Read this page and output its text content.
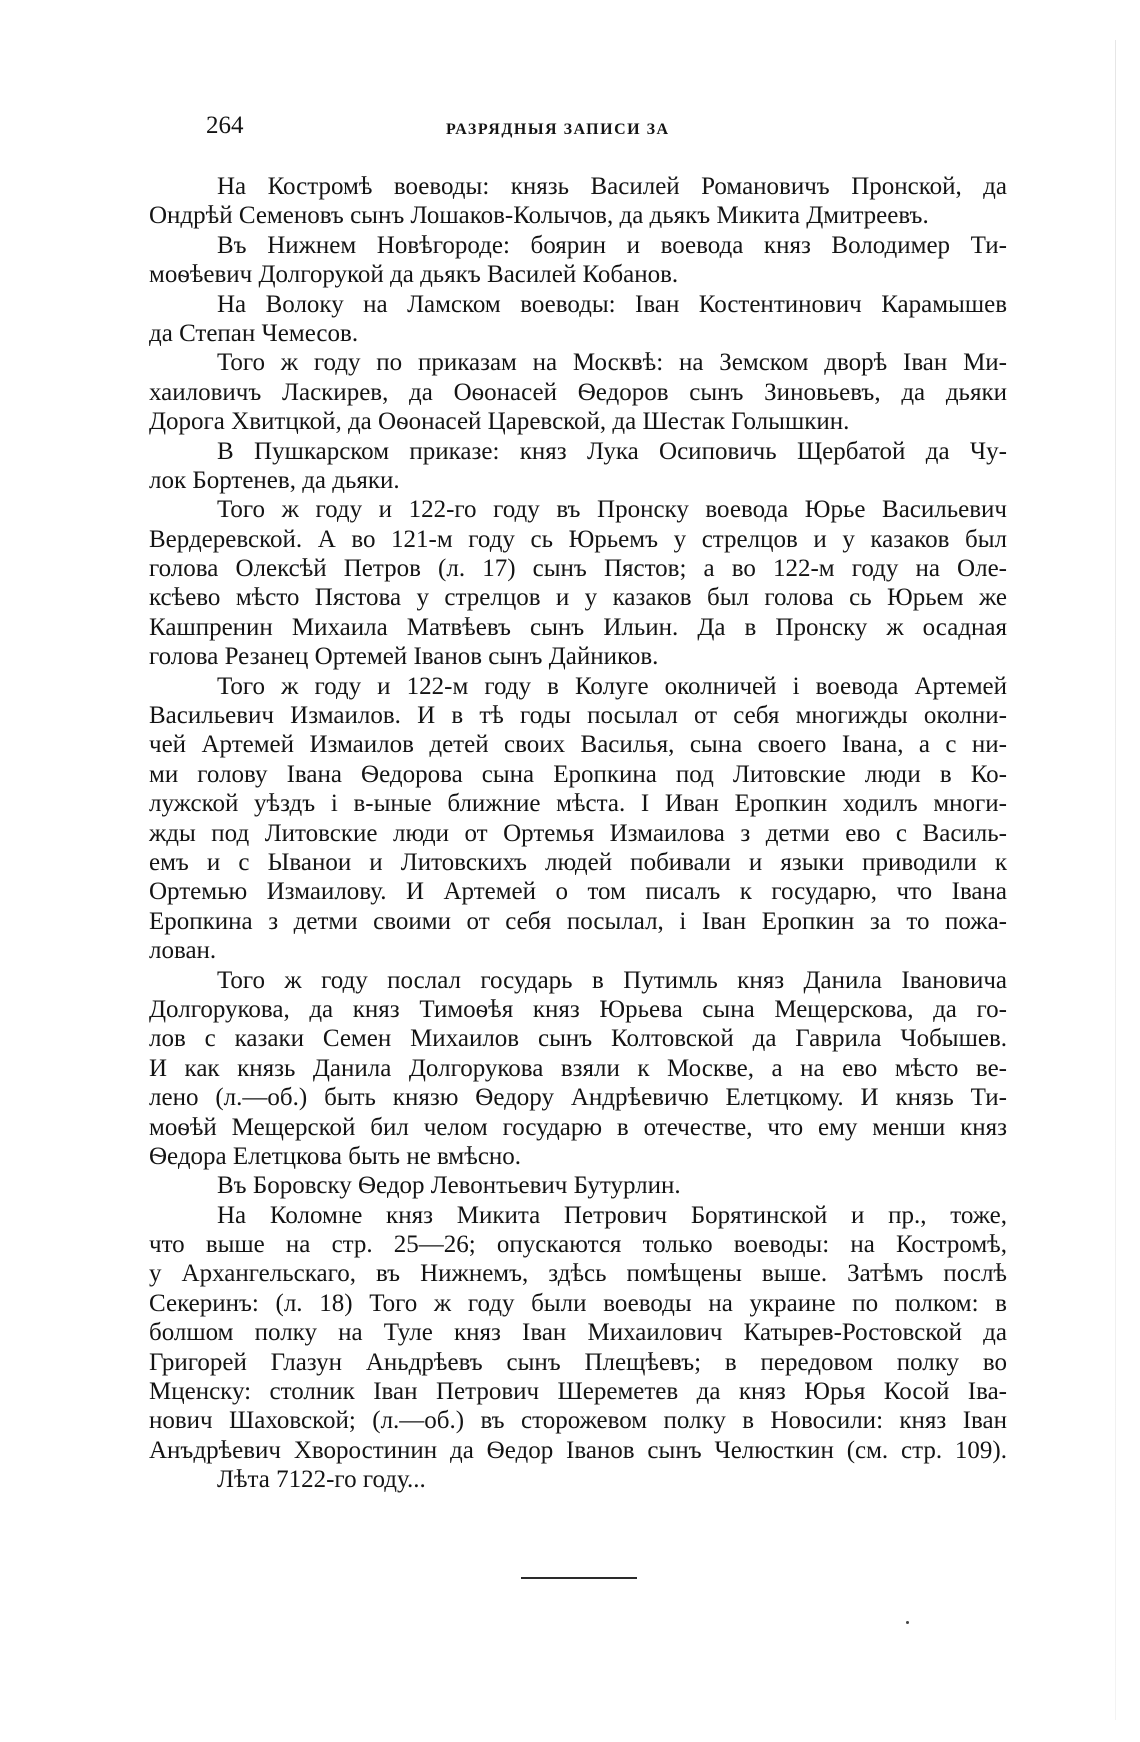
264	РАЗРЯДНЫЯ ЗАПИСИ ЗА
На Костромѣ воеводы: князь Василей Романовичъ Пронской, да
Ондрѣй Семеновъ сынъ Лошаков-Колычов, да дьякъ Микита Дмитреевъ.
Въ Нижнем Новѣгороде: боярин и воевода княз Володимер Ти-
моѳѣевич Долгорукой да дьякъ Василей Кобанов.
На Волоку на Ламском воеводы: Іван Костентинович Карамышев
да Степан Чемесов.
Того ж году по приказам на Москвѣ: на Земском дворѣ Іван Ми-
хаиловичъ Ласкирев, да Оѳонасей Ѳедоров сынъ Зиновьевъ, да дьяки
Дорога Хвитцкой, да Оѳонасей Царевской, да Шестак Голышкин.
В Пушкарском приказе: княз Лука Осиповичь Щербатой да Чу-
лок Бортенев, да дьяки.
Того ж году и 122-го году въ Пронску воевода Юрье Васильевич
Вердеревской. А во 121-м году сь Юрьемъ у стрелцов и у казаков был
голова Олексѣй Петров (л. 17) сынъ Пястов; а во 122-м году на Оле-
ксѣево мѣсто Пястова у стрелцов и у казаков был голова сь Юрьем же
Кашпренин Михаила Матвѣевъ сынъ Ильин. Да в Пронску ж осадная
голова Резанец Ортемей Іванов сынъ Дайников.
Того ж году и 122-м году в Колуге околничей і воевода Артемей
Васильевич Измаилов. И в тѣ годы посылал от себя многижды околни-
чей Артемей Измаилов детей своих Василья, сына своего Івана, а с ни-
ми голову Івана Ѳедорова сына Еропкина под Литовские люди в Ко-
лужской уѣздъ і в-ыные ближние мѣста. І Иван Еропкин ходилъ многи-
жды под Литовские люди от Ортемья Измаилова з детми ево с Василь-
емъ и с Ыванои и Литовскихъ людей побивали и языки приводили к
Ортемью Измаилову. И Артемей о том писалъ к государю, что Івана
Еропкина з детми своими от себя посылал, і Іван Еропкин за то пожа-
лован.
Того ж году послал государь в Путимль княз Данила Івановича
Долгорукова, да княз Тимоѳѣя княз Юрьева сына Мещерскова, да го-
лов с казаки Семен Михаилов сынъ Колтовской да Гаврила Чобышев.
И как князь Данила Долгорукова взяли к Москве, а на ево мѣсто ве-
лено (л.—об.) быть князю Ѳедору Андрѣевичю Елетцкому. И князь Ти-
моѳѣй Мещерской бил челом государю в отечестве, что ему менши княз
Ѳедора Елетцкова быть не вмѣсно.
Въ Боровску Ѳедор Левонтьевич Бутурлин.
На Коломне княз Микита Петрович Борятинской и пр., тоже,
что выше на стр. 25—26; опускаются только воеводы: на Костромѣ,
у Архангельскаго, въ Нижнемъ, здѣсь помѣщены выше. Затѣмъ послѣ
Секеринъ: (л. 18) Того ж году были воеводы на украине по полком: в
болшом полку на Туле княз Іван Михаилович Катырев-Ростовской да
Григорей Глазун Аньдрѣевъ сынъ Плещѣевъ; в передовом полку во
Мценску: столник Іван Петрович Шереметев да княз Юрья Косой Іва-
нович Шаховской; (л.—об.) въ сторожевом полку в Новосили: княз Іван
Анъдрѣевич Хворостинин да Ѳедор Іванов сынъ Челюсткин (см. стр. 109).
Лѣта 7122-го году...
